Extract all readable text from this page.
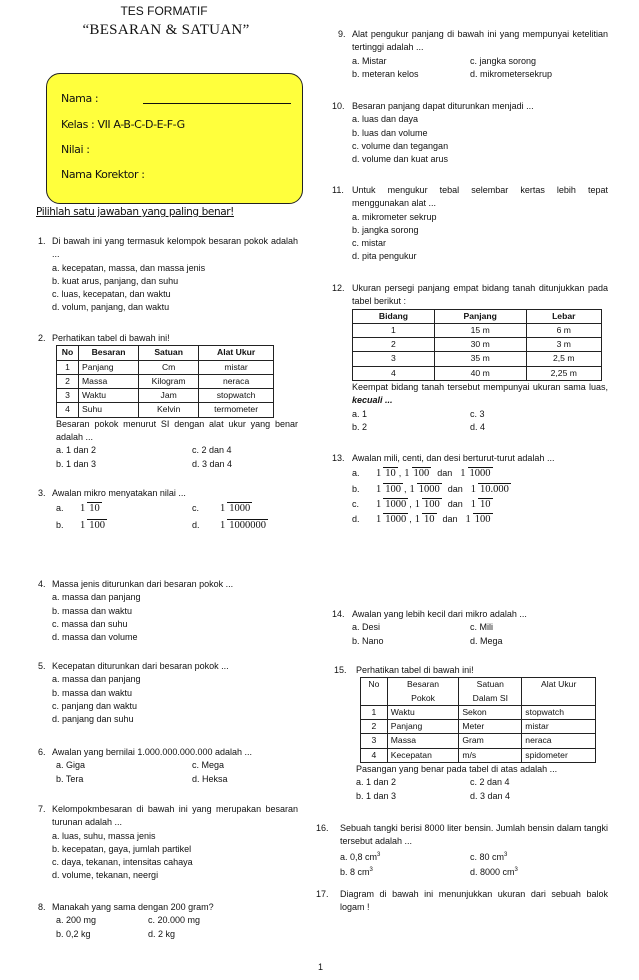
TES FORMATIF
“BESARAN & SATUAN”
Nama :
Kelas : VII A-B-C-D-E-F-G
Nilai :
Nama Korektor :
Pilihlah satu jawaban yang paling benar!
1. Di bawah ini yang termasuk kelompok besaran pokok adalah ...
a. kecepatan, massa, dan massa jenis
b. kuat arus, panjang, dan suhu
c. luas, kecepatan, dan waktu
d. volum, panjang, dan waktu
2. Perhatikan tabel di bawah ini!
No	Besaran	Satuan	Alat Ukur
1	Panjang	Cm	mistar
2	Massa	Kilogram	neraca
3	Waktu	Jam	stopwatch
4	Suhu	Kelvin	termometer
Besaran pokok menurut SI dengan alat ukur yang benar adalah ...
a. 1 dan 2	c. 2 dan 4
b. 1 dan 3	d. 3 dan 4
3. Awalan mikro menyatakan nilai ...
a.	1 10	c.	1 1000
b.	1 100	d.	1 1000000
4. Massa jenis diturunkan dari besaran pokok ...
a. massa dan panjang
b. massa dan waktu
c. massa dan suhu
d. massa dan volume
5. Kecepatan diturunkan dari besaran pokok ...
a. massa dan panjang
b. massa dan waktu
c. panjang dan waktu
d. panjang dan suhu
6. Awalan yang bernilai 1.000.000.000.000 adalah ...
a. Giga	c. Mega
b. Tera	d. Heksa
7. Kelompokmbesaran di bawah ini yang merupakan besaran turunan adalah ...
a. luas, suhu, massa jenis
b. kecepatan, gaya, jumlah partikel
c. daya, tekanan, intensitas cahaya
d. volume, tekanan, neergi
8. Manakah yang sama dengan 200 gram?
a. 200 mg	c. 20.000 mg
b. 0,2 kg	d. 2 kg
9. Alat pengukur panjang di bawah ini yang mempunyai ketelitian tertinggi adalah ...
a. Mistar	c. jangka sorong
b. meteran kelos	d. mikrometersekrup
10. Besaran panjang dapat diturunkan menjadi ...
a. luas dan daya
b. luas dan volume
c. volume dan tegangan
d. volume dan kuat arus
11. Untuk mengukur tebal selembar kertas lebih tepat menggunakan alat ...
a. mikrometer sekrup
b. jangka sorong
c. mistar
d. pita pengukur
12. Ukuran persegi panjang empat bidang tanah ditunjukkan pada tabel berikut :
Bidang	Panjang	Lebar
1	15 m	6 m
2	30 m	3 m
3	35 m	2,5 m
4	40 m	2,25 m
Keempat bidang tanah tersebut mempunyai ukuran sama luas, kecuali ...
a. 1	c. 3
b. 2	d. 4
13. Awalan mili, centi, dan desi berturut-turut adalah ...
a.	1 10 , 1 100 dan 1 1000
b.	1 100 , 1 1000 dan 1 10.000
c.	1 1000 , 1 100 dan 1 10
d.	1 1000 , 1 10 dan 1 100
14. Awalan yang lebih kecil dari mikro adalah ...
a. Desi	c. Mili
b. Nano	d. Mega
15. Perhatikan tabel di bawah ini!
No	Besaran	Satuan	Alat Ukur
	Pokok	Dalam SI	
1	Waktu	Sekon	stopwatch
2	Panjang	Meter	mistar
3	Massa	Gram	neraca
4	Kecepatan	m/s	spidometer
Pasangan yang benar pada tabel di atas adalah ...
a. 1 dan 2	c. 2 dan 4
b. 1 dan 3	d. 3 dan 4
16. Sebuah tangki berisi 8000 liter bensin. Jumlah bensin dalam tangki tersebut adalah ...
a. 0,8 $cm^3$	c. 80 $cm^3$
b. 8 $cm^3$	d. 8000 $cm^3$
17. Diagram di bawah ini menunjukkan ukuran dari sebuah balok logam !
1
